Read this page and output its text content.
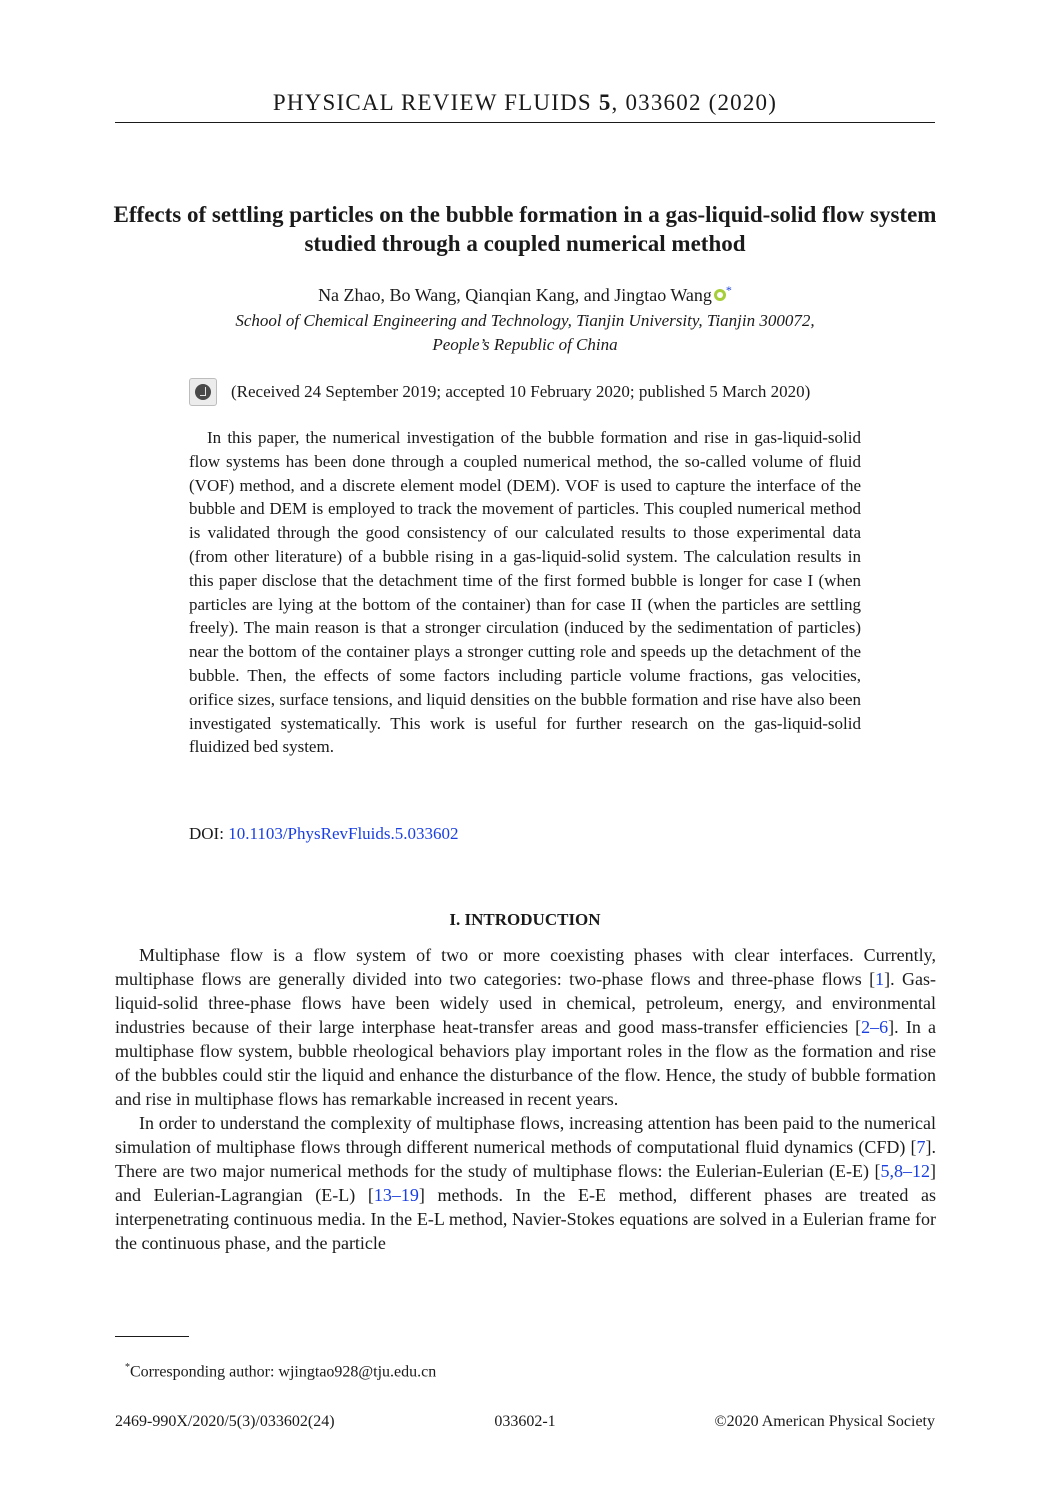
PHYSICAL REVIEW FLUIDS 5, 033602 (2020)
Effects of settling particles on the bubble formation in a gas-liquid-solid flow system studied through a coupled numerical method
Na Zhao, Bo Wang, Qianqian Kang, and Jingtao Wang *
School of Chemical Engineering and Technology, Tianjin University, Tianjin 300072,
People’s Republic of China
(Received 24 September 2019; accepted 10 February 2020; published 5 March 2020)

In this paper, the numerical investigation of the bubble formation and rise in gas-liquid-solid flow systems has been done through a coupled numerical method, the so-called volume of fluid (VOF) method, and a discrete element model (DEM). VOF is used to capture the interface of the bubble and DEM is employed to track the movement of particles. This coupled numerical method is validated through the good consistency of our calculated results to those experimental data (from other literature) of a bubble rising in a gas-liquid-solid system. The calculation results in this paper disclose that the detachment time of the first formed bubble is longer for case I (when particles are lying at the bottom of the container) than for case II (when the particles are settling freely). The main reason is that a stronger circulation (induced by the sedimentation of particles) near the bottom of the container plays a stronger cutting role and speeds up the detachment of the bubble. Then, the effects of some factors including particle volume fractions, gas velocities, orifice sizes, surface tensions, and liquid densities on the bubble formation and rise have also been investigated systematically. This work is useful for further research on the gas-liquid-solid fluidized bed system.

DOI: 10.1103/PhysRevFluids.5.033602
I. INTRODUCTION

Multiphase flow is a flow system of two or more coexisting phases with clear interfaces. Currently, multiphase flows are generally divided into two categories: two-phase flows and three-phase flows [1]. Gas-liquid-solid three-phase flows have been widely used in chemical, petroleum, energy, and environmental industries because of their large interphase heat-transfer areas and good mass-transfer efficiencies [2–6]. In a multiphase flow system, bubble rheological behaviors play important roles in the flow as the formation and rise of the bubbles could stir the liquid and enhance the disturbance of the flow. Hence, the study of bubble formation and rise in multiphase flows has remarkable increased in recent years.

In order to understand the complexity of multiphase flows, increasing attention has been paid to the numerical simulation of multiphase flows through different numerical methods of computational fluid dynamics (CFD) [7]. There are two major numerical methods for the study of multiphase flows: the Eulerian-Eulerian (E-E) [5,8–12] and Eulerian-Lagrangian (E-L) [13–19] methods. In the E-E method, different phases are treated as interpenetrating continuous media. In the E-L method, Navier-Stokes equations are solved in a Eulerian frame for the continuous phase, and the particle

*Corresponding author: wjingtao928@tju.edu.cn
2469-990X/2020/5(3)/033602(24)	033602-1	©2020 American Physical Society
